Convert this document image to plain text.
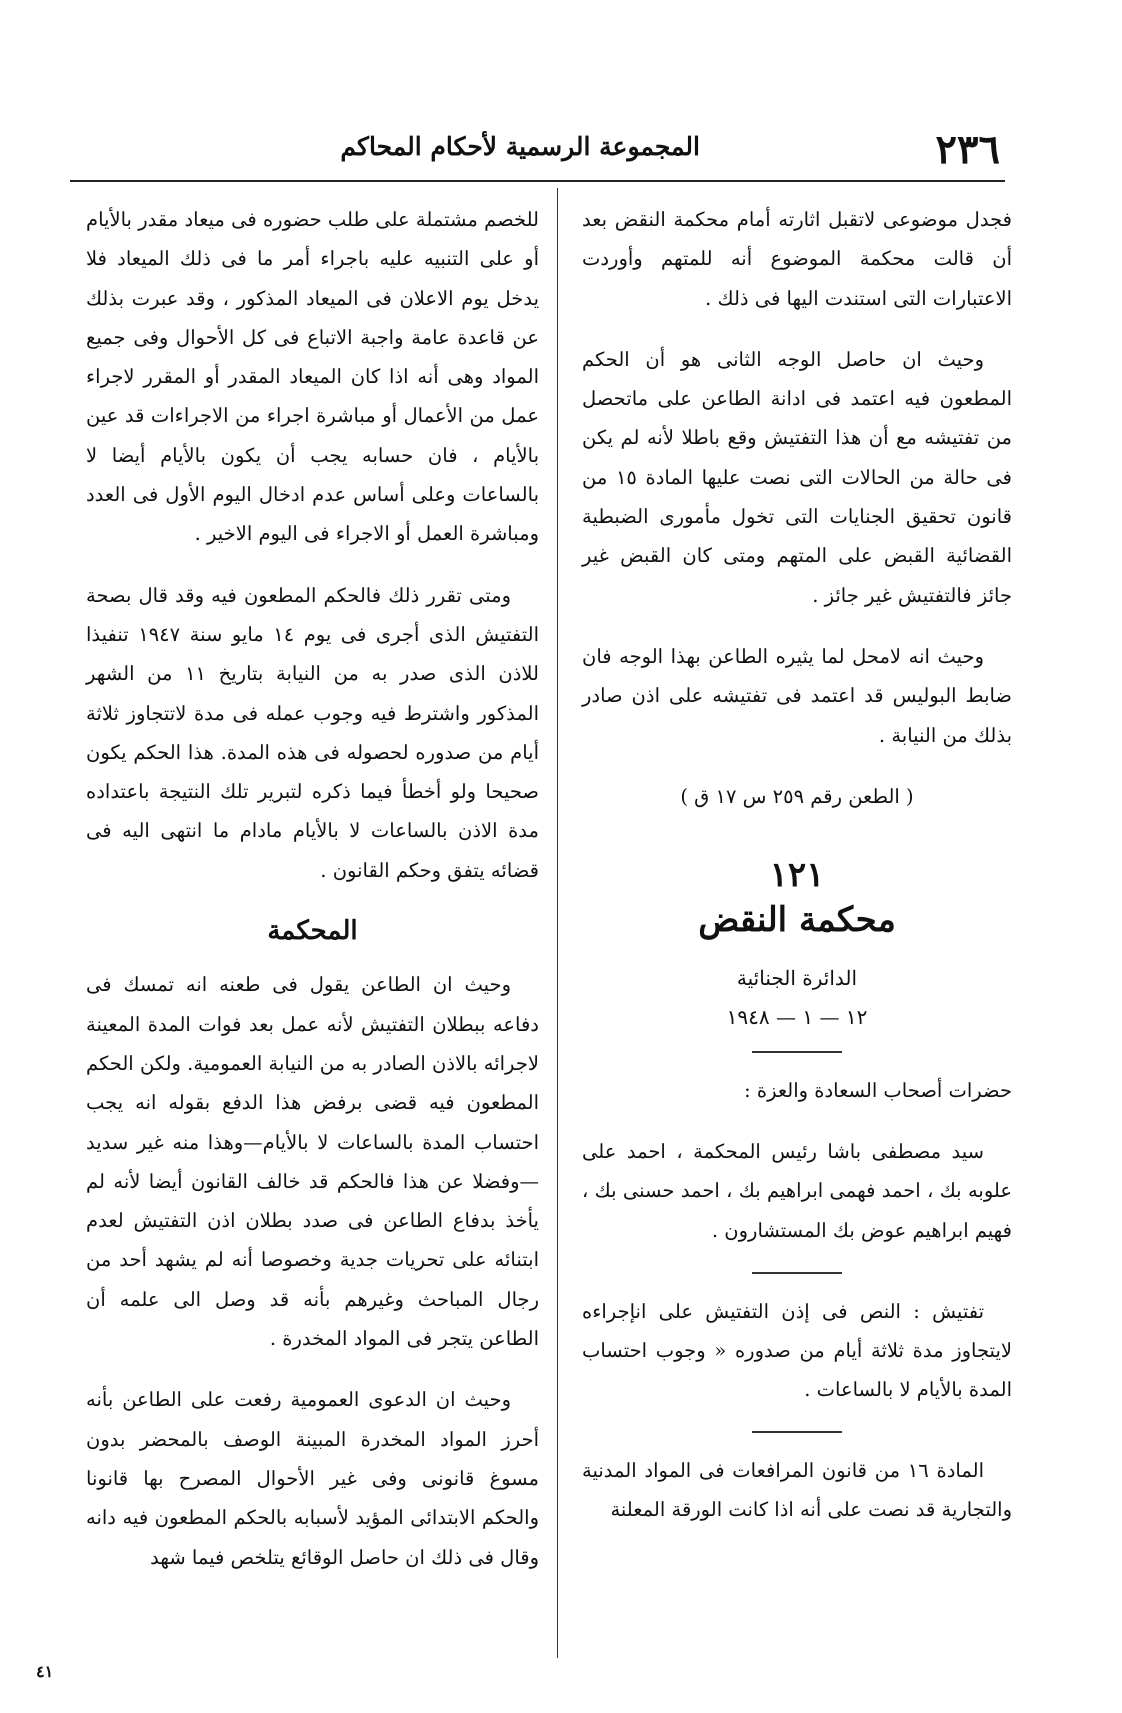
٢٣٦
المجموعة الرسمية لأحكام المحاكم

فجدل موضوعى لاتقبل اثارته أمام محكمة النقض بعد أن قالت محكمة الموضوع أنه للمتهم وأوردت الاعتبارات التى استندت اليها فى ذلك .

وحيث ان حاصل الوجه الثانى هو أن الحكم المطعون فيه اعتمد فى ادانة الطاعن على ماتحصل من تفتيشه مع أن هذا التفتيش وقع باطلا لأنه لم يكن فى حالة من الحالات التى نصت عليها المادة ١٥ من قانون تحقيق الجنايات التى تخول مأمورى الضبطية القضائية القبض على المتهم ومتى كان القبض غير جائز فالتفتيش غير جائز .

وحيث انه لامحل لما يثيره الطاعن بهذا الوجه فان ضابط البوليس قد اعتمد فى تفتيشه على اذن صادر بذلك من النيابة .

( الطعن رقم ٢٥٩ س ١٧ ق )
١٢١
محكمة النقض
الدائرة الجنائية
١٢ — ١ — ١٩٤٨

حضرات أصحاب السعادة والعزة :

سيد مصطفى باشا رئيس المحكمة ، احمد على علوبه بك ، احمد فهمى ابراهيم بك ، احمد حسنى بك ، فهيم ابراهيم عوض بك المستشارون .

تفتيش : النص فى إذن التفتيش على انإجراءه لايتجاوز مدة ثلاثة أيام من صدوره « وجوب احتساب المدة بالأيام لا بالساعات .

المادة ١٦ من قانون المرافعات فى المواد المدنية والتجارية قد نصت على أنه اذا كانت الورقة المعلنة

للخصم مشتملة على طلب حضوره فى ميعاد مقدر بالأيام أو على التنبيه عليه باجراء أمر ما فى ذلك الميعاد فلا يدخل يوم الاعلان فى الميعاد المذكور ، وقد عبرت بذلك عن قاعدة عامة واجبة الاتباع فى كل الأحوال وفى جميع المواد وهى أنه اذا كان الميعاد المقدر أو المقرر لاجراء عمل من الأعمال أو مباشرة اجراء من الاجراءات قد عين بالأيام ، فان حسابه يجب أن يكون بالأيام أيضا لا بالساعات وعلى أساس عدم ادخال اليوم الأول فى العدد ومباشرة العمل أو الاجراء فى اليوم الاخير .

ومتى تقرر ذلك فالحكم المطعون فيه وقد قال بصحة التفتيش الذى أجرى فى يوم ١٤ مايو سنة ١٩٤٧ تنفيذا للاذن الذى صدر به من النيابة بتاريخ ١١ من الشهر المذكور واشترط فيه وجوب عمله فى مدة لاتتجاوز ثلاثة أيام من صدوره لحصوله فى هذه المدة. هذا الحكم يكون صحيحا ولو أخطأ فيما ذكره لتبرير تلك النتيجة باعتداده مدة الاذن بالساعات لا بالأيام مادام ما انتهى اليه فى قضائه يتفق وحكم القانون .

المحكمة

وحيث ان الطاعن يقول فى طعنه انه تمسك فى دفاعه ببطلان التفتيش لأنه عمل بعد فوات المدة المعينة لاجرائه بالاذن الصادر به من النيابة العمومية. ولكن الحكم المطعون فيه قضى برفض هذا الدفع بقوله انه يجب احتساب المدة بالساعات لا بالأيام—وهذا منه غير سديد—وفضلا عن هذا فالحكم قد خالف القانون أيضا لأنه لم يأخذ بدفاع الطاعن فى صدد بطلان اذن التفتيش لعدم ابتنائه على تحريات جدية وخصوصا أنه لم يشهد أحد من رجال المباحث وغيرهم بأنه قد وصل الى علمه أن الطاعن يتجر فى المواد المخدرة .

وحيث ان الدعوى العمومية رفعت على الطاعن بأنه أحرز المواد المخدرة المبينة الوصف بالمحضر بدون مسوغ قانونى وفى غير الأحوال المصرح بها قانونا والحكم الابتدائى المؤيد لأسبابه بالحكم المطعون فيه دانه وقال فى ذلك ان حاصل الوقائع يتلخص فيما شهد

٤١
